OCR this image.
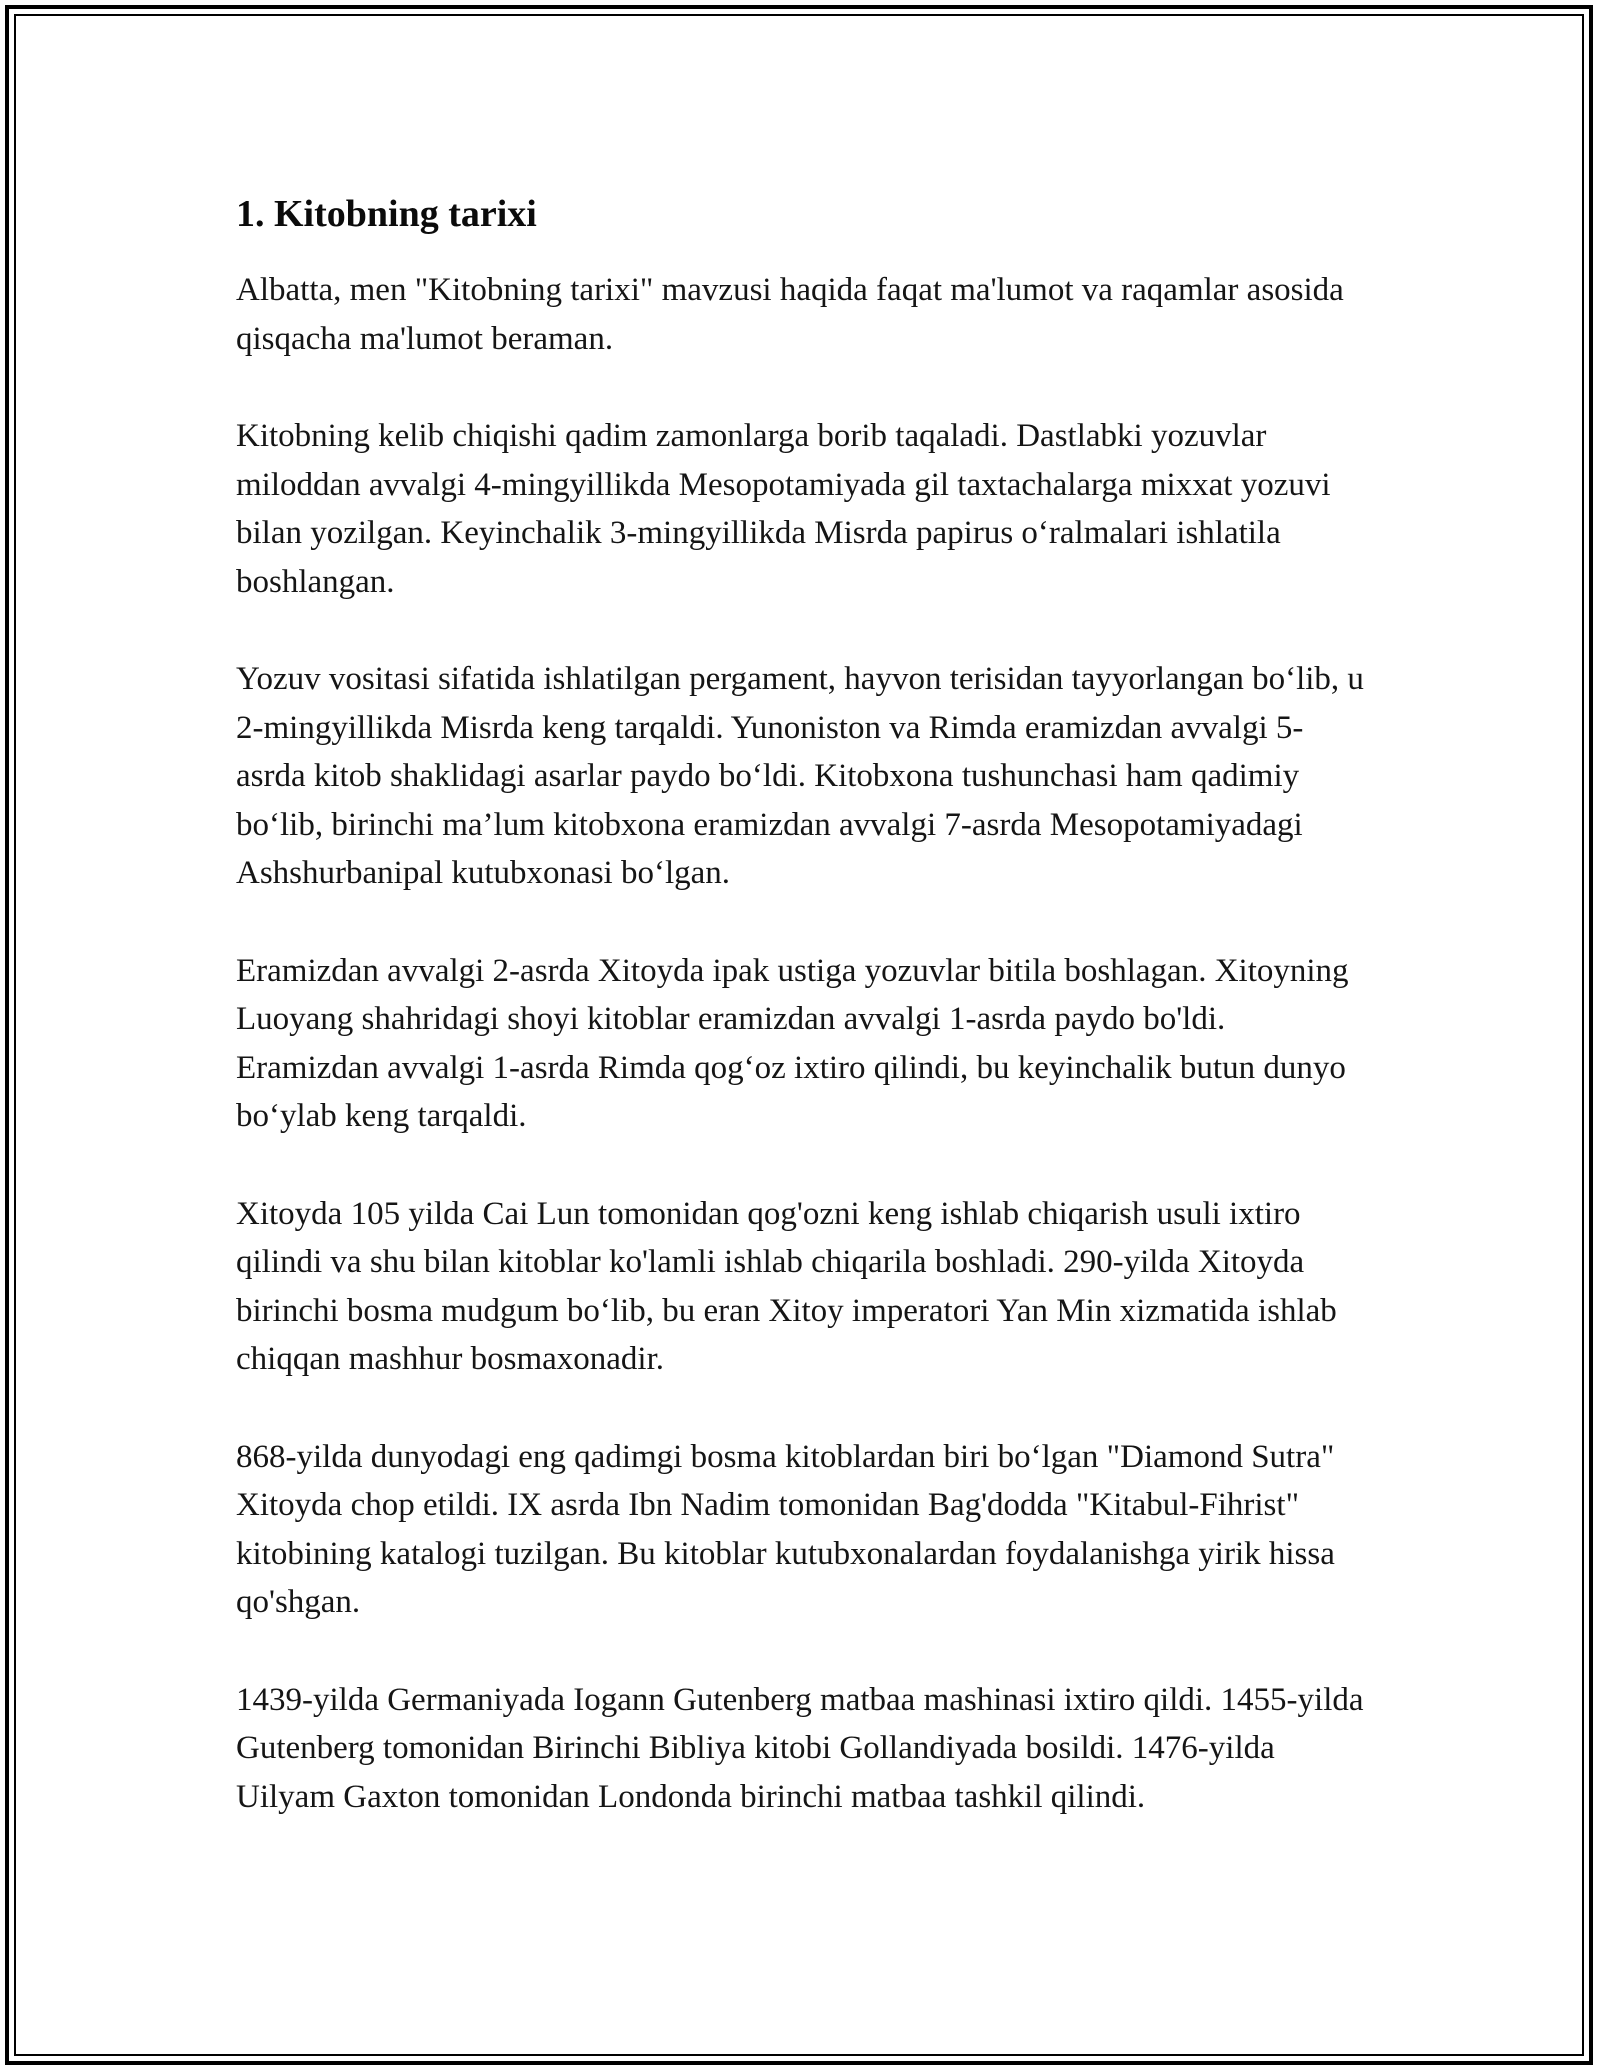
1. Kitobning tarixi

Albatta, men "Kitobning tarixi" mavzusi haqida faqat ma'lumot va raqamlar asosida qisqacha ma'lumot beraman.

Kitobning kelib chiqishi qadim zamonlarga borib taqaladi. Dastlabki yozuvlar miloddan avvalgi 4-mingyillikda Mesopotamiyada gil taxtachalarga mixxat yozuvi bilan yozilgan. Keyinchalik 3-mingyillikda Misrda papirus o‘ralmalari ishlatila boshlangan.

Yozuv vositasi sifatida ishlatilgan pergament, hayvon terisidan tayyorlangan bo‘lib, u 2-mingyillikda Misrda keng tarqaldi. Yunoniston va Rimda eramizdan avvalgi 5-asrda kitob shaklidagi asarlar paydo bo‘ldi. Kitobxona tushunchasi ham qadimiy bo‘lib, birinchi ma’lum kitobxona eramizdan avvalgi 7-asrda Mesopotamiyadagi Ashshurbanipal kutubxonasi bo‘lgan.

Eramizdan avvalgi 2-asrda Xitoyda ipak ustiga yozuvlar bitila boshlagan. Xitoyning Luoyang shahridagi shoyi kitoblar eramizdan avvalgi 1-asrda paydo bo'ldi. Eramizdan avvalgi 1-asrda Rimda qog‘oz ixtiro qilindi, bu keyinchalik butun dunyo bo‘ylab keng tarqaldi.

Xitoyda 105 yilda Cai Lun tomonidan qog'ozni keng ishlab chiqarish usuli ixtiro qilindi va shu bilan kitoblar ko'lamli ishlab chiqarila boshladi. 290-yilda Xitoyda birinchi bosma mudgum bo‘lib, bu eran Xitoy imperatori Yan Min xizmatida ishlab chiqqan mashhur bosmaxonadir.

868-yilda dunyodagi eng qadimgi bosma kitoblardan biri bo‘lgan "Diamond Sutra" Xitoyda chop etildi. IX asrda Ibn Nadim tomonidan Bag'dodda "Kitabul-Fihrist" kitobining katalogi tuzilgan. Bu kitoblar kutubxonalardan foydalanishga yirik hissa qo'shgan.

1439-yilda Germaniyada Iogann Gutenberg matbaa mashinasi ixtiro qildi. 1455-yilda Gutenberg tomonidan Birinchi Bibliya kitobi Gollandiyada bosildi. 1476-yilda Uilyam Gaxton tomonidan Londonda birinchi matbaa tashkil qilindi.
